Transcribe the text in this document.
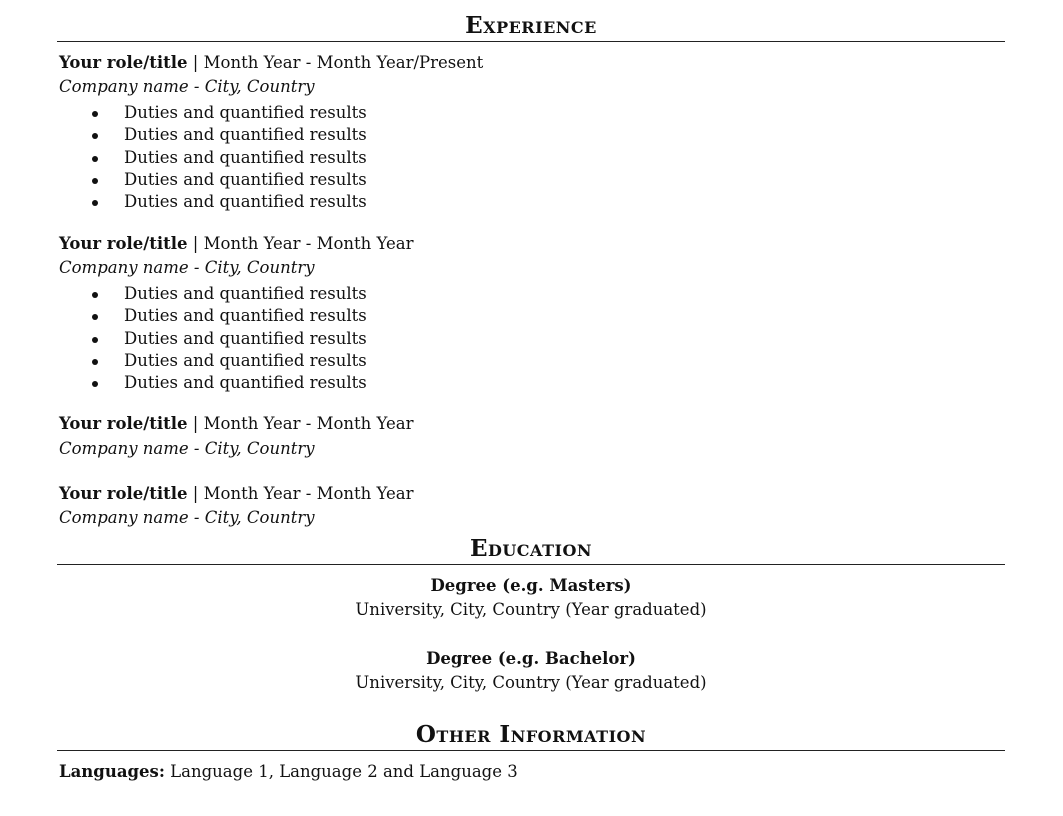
Experience
Your role/title | Month Year - Month Year/Present
Company name - City, Country
Duties and quantified results
Duties and quantified results
Duties and quantified results
Duties and quantified results
Duties and quantified results
Your role/title | Month Year - Month Year
Company name - City, Country
Duties and quantified results
Duties and quantified results
Duties and quantified results
Duties and quantified results
Duties and quantified results
Your role/title | Month Year - Month Year
Company name - City, Country
Your role/title | Month Year - Month Year
Company name - City, Country
Education
Degree (e.g. Masters)
University, City, Country (Year graduated)
Degree (e.g. Bachelor)
University, City, Country (Year graduated)
Other Information
Languages: Language 1, Language 2 and Language 3
